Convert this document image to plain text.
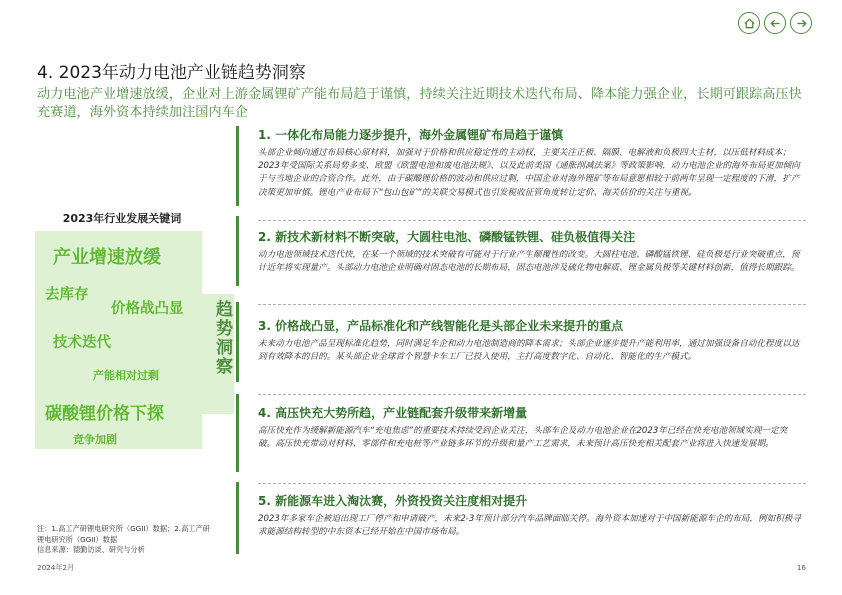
4. 2023年动力电池产业链趋势洞察
动力电池产业增速放缓，企业对上游金属锂矿产能布局趋于谨慎，持续关注近期技术迭代布局、降本能力强企业，长期可跟踪高压快充赛道，海外资本持续加注国内车企
2023年行业发展关键词
产业增速放缓
去库存
价格战凸显
技术迭代
产能相对过剩
碳酸锂价格下探
竞争加剧
趋势洞察
1. 一体化布局能力逐步提升，海外金属锂矿布局趋于谨慎
头部企业倾向通过布局核心原材料，加强对于价格和供应稳定性的主动权，主要关注正极、隔膜、电解液和负极四大主材，以压低材料成本；2023年受国际关系局势多变、欧盟《欧盟电池和废电池法规》、以及此前美国《通胀削减法案》等政策影响，动力电池企业的海外布局更加倾向于与当地企业的合资合作。此外，由于碳酸锂价格的波动和供应过剩，中国企业对海外锂矿等布局意愿相较于前两年呈现一定程度的下滑，扩产决策更加审慎。锂电产业布局下“包山包矿”的关联交易模式也引发税收征管角度转让定价、海关估价的关注与重视。
2. 新技术新材料不断突破，大圆柱电池、磷酸锰铁锂、硅负极值得关注
动力电池领域技术迭代快，在某一个领域的技术突破有可能对于行业产生颠覆性的改变。大圆柱电池、磷酸锰铁锂、硅负极是行业突破重点，预计近年将实现量产。头部动力电池企业明确对固态电池的长期布局，固态电池涉及硫化物电解质、锂金属负极等关键材料创新，值得长期跟踪。
3. 价格战凸显，产品标准化和产线智能化是头部企业未来提升的重点
未来动力电池产品呈现标准化趋势，同时满足车企和动力电池制造商的降本需求；头部企业逐步提升产能利用率，通过加强设备自动化程度以达到有效降本的目的。某头部企业全球首个智慧卡车工厂已投入使用，主打高度数字化、自动化、智能化的生产模式。
4. 高压快充大势所趋，产业链配套升级带来新增量
高压快充作为缓解新能源汽车“充电焦虑”的重要技术持续受到企业关注，头部车企及动力电池企业在2023年已经在快充电池领域实现一定突破。高压快充带动对材料、零部件和充电桩等产业链多环节的升级和量产工艺需求，未来预计高压快充相关配套产业将进入快速发展期。
5. 新能源车进入淘汰赛，外资投资关注度相对提升
2023年多家车企被迫出现工厂停产和申请破产，未来2-3年预计部分汽车品牌面临关停。海外资本加速对于中国新能源车企的布局，例如积极寻求能源结构转型的中东资本已经开始在中国市场布局。
注：1.高工产研锂电研究所（GGII）数据；2.高工产研锂电研究所（GGII）数据
信息来源：德勤访谈、研究与分析
2024年2月	16
